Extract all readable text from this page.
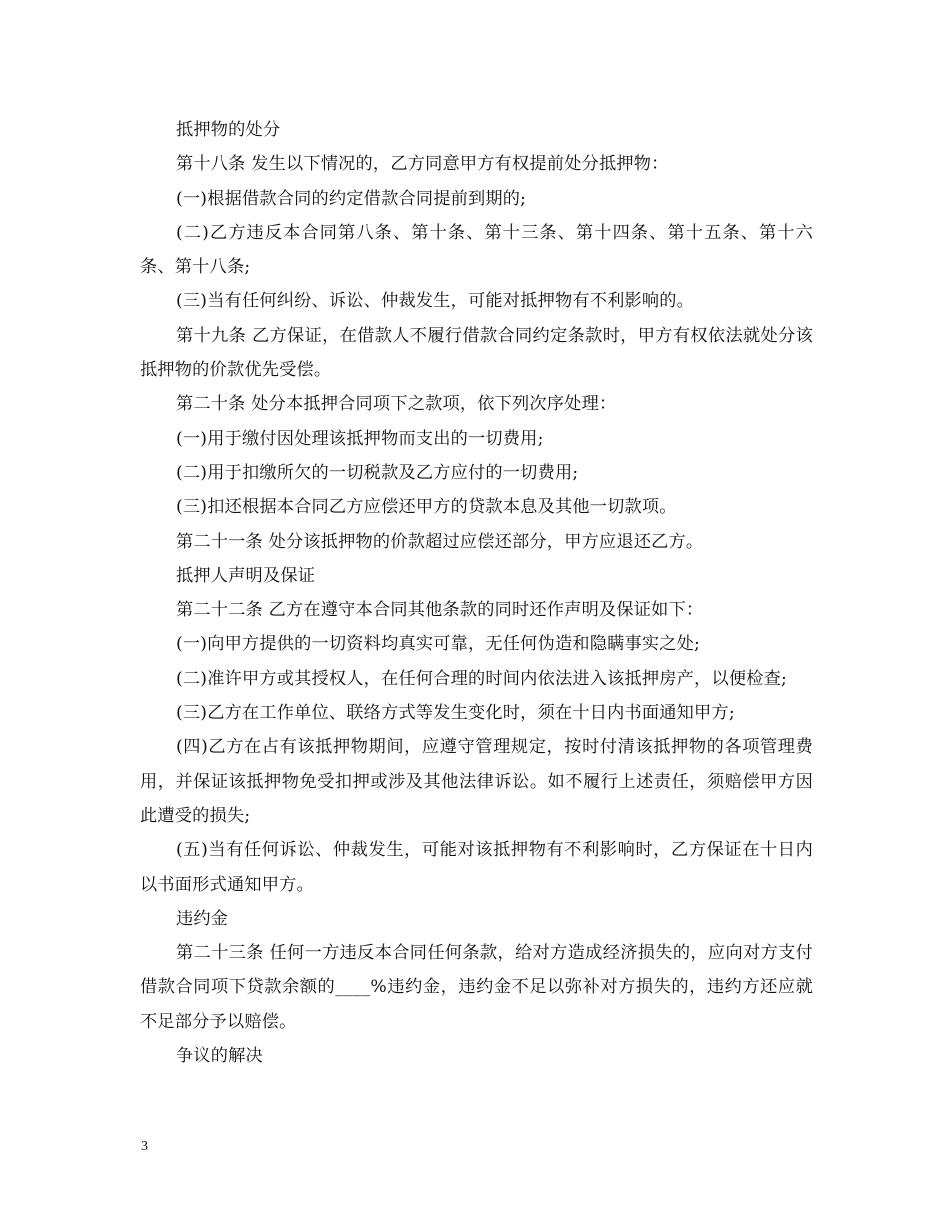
抵押物的处分

第十八条 发生以下情况的，乙方同意甲方有权提前处分抵押物：

(一)根据借款合同的约定借款合同提前到期的;

(二)乙方违反本合同第八条、第十条、第十三条、第十四条、第十五条、第十六条、第十八条;

(三)当有任何纠纷、诉讼、仲裁发生，可能对抵押物有不利影响的。

第十九条 乙方保证，在借款人不履行借款合同约定条款时，甲方有权依法就处分该抵押物的价款优先受偿。

第二十条 处分本抵押合同项下之款项，依下列次序处理：

(一)用于缴付因处理该抵押物而支出的一切费用;

(二)用于扣缴所欠的一切税款及乙方应付的一切费用;

(三)扣还根据本合同乙方应偿还甲方的贷款本息及其他一切款项。

第二十一条 处分该抵押物的价款超过应偿还部分，甲方应退还乙方。

抵押人声明及保证

第二十二条 乙方在遵守本合同其他条款的同时还作声明及保证如下：

(一)向甲方提供的一切资料均真实可靠，无任何伪造和隐瞒事实之处;

(二)准许甲方或其授权人，在任何合理的时间内依法进入该抵押房产，以便检查;

(三)乙方在工作单位、联络方式等发生变化时，须在十日内书面通知甲方;

(四)乙方在占有该抵押物期间，应遵守管理规定，按时付清该抵押物的各项管理费用，并保证该抵押物免受扣押或涉及其他法律诉讼。如不履行上述责任，须赔偿甲方因此遭受的损失;

(五)当有任何诉讼、仲裁发生，可能对该抵押物有不利影响时，乙方保证在十日内以书面形式通知甲方。

违约金

第二十三条 任何一方违反本合同任何条款，给对方造成经济损失的，应向对方支付借款合同项下贷款余额的____%违约金，违约金不足以弥补对方损失的，违约方还应就不足部分予以赔偿。

争议的解决

3
